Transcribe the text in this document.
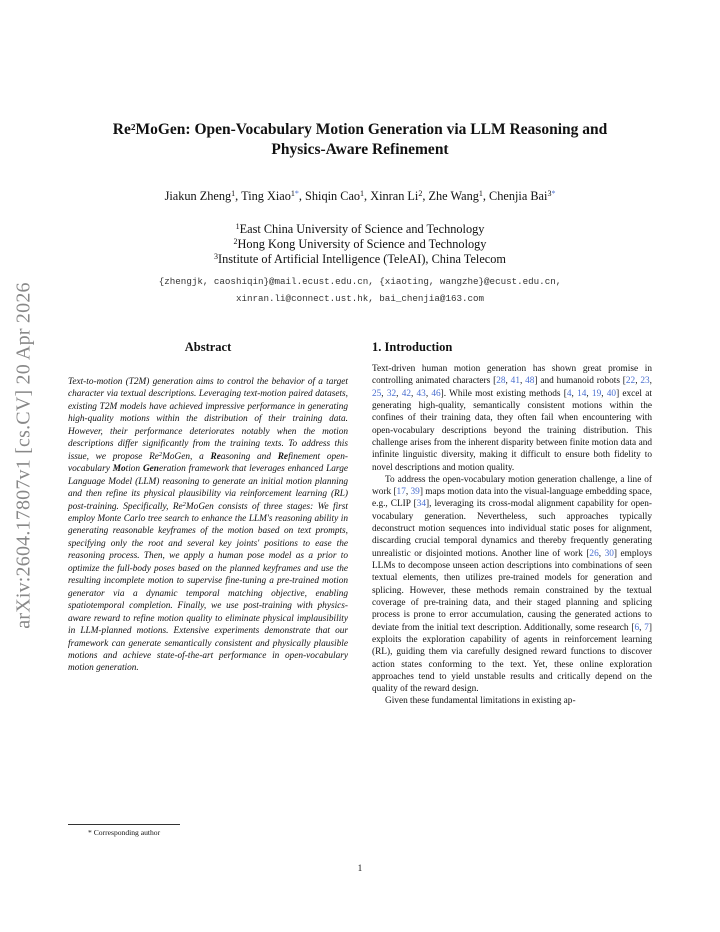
arXiv:2604.17807v1 [cs.CV] 20 Apr 2026
Re²MoGen: Open-Vocabulary Motion Generation via LLM Reasoning and
Physics-Aware Refinement
Jiakun Zheng$^1$, Ting Xiao$^{1*}$, Shiqin Cao$^1$, Xinran Li$^2$, Zhe Wang$^1$, Chenjia Bai$^{3*}$
$^1$East China University of Science and Technology
$^2$Hong Kong University of Science and Technology
$^3$Institute of Artificial Intelligence (TeleAI), China Telecom
{zhengjk, caoshiqin}@mail.ecust.edu.cn, {xiaoting, wangzhe}@ecust.edu.cn,
xinran.li@connect.ust.hk, bai_chenjia@163.com
Abstract
Text-to-motion (T2M) generation aims to control the behavior of a target character via textual descriptions. Leveraging text-motion paired datasets, existing T2M models have achieved impressive performance in generating high-quality motions within the distribution of their training data. However, their performance deteriorates notably when the motion descriptions differ significantly from the training texts. To address this issue, we propose Re$^2$MoGen, a Reasoning and Refinement open-vocabulary Motion Generation framework that leverages enhanced Large Language Model (LLM) reasoning to generate an initial motion planning and then refine its physical plausibility via reinforcement learning (RL) post-training. Specifically, Re$^2$MoGen consists of three stages: We first employ Monte Carlo tree search to enhance the LLM's reasoning ability in generating reasonable keyframes of the motion based on text prompts, specifying only the root and several key joints' positions to ease the reasoning process. Then, we apply a human pose model as a prior to optimize the full-body poses based on the planned keyframes and use the resulting incomplete motion to supervise fine-tuning a pre-trained motion generator via a dynamic temporal matching objective, enabling spatiotemporal completion. Finally, we use post-training with physics-aware reward to refine motion quality to eliminate physical implausibility in LLM-planned motions. Extensive experiments demonstrate that our framework can generate semantically consistent and physically plausible motions and achieve state-of-the-art performance in open-vocabulary motion generation.
* Corresponding author
1. Introduction

Text-driven human motion generation has shown great promise in controlling animated characters [28, 41, 48] and humanoid robots [22, 23, 25, 32, 42, 43, 46]. While most existing methods [4, 14, 19, 40] excel at generating high-quality, semantically consistent motions within the confines of their training data, they often fail when encountering with open-vocabulary descriptions beyond the training distribution. This challenge arises from the inherent disparity between finite motion data and infinite linguistic diversity, making it difficult to ensure both fidelity to novel descriptions and motion quality.

To address the open-vocabulary motion generation challenge, a line of work [17, 39] maps motion data into the visual-language embedding space, e.g., CLIP [34], leveraging its cross-modal alignment capability for open-vocabulary generation. Nevertheless, such approaches typically deconstruct motion sequences into individual static poses for alignment, discarding crucial temporal dynamics and thereby frequently generating unrealistic or disjointed motions. Another line of work [26, 30] employs LLMs to decompose unseen action descriptions into combinations of seen textual elements, then utilizes pre-trained models for generation and splicing. However, these methods remain constrained by the textual coverage of pre-training data, and their staged planning and splicing process is prone to error accumulation, causing the generated actions to deviate from the initial text description. Additionally, some research [6, 7] exploits the exploration capability of agents in reinforcement learning (RL), guiding them via carefully designed reward functions to discover action states conforming to the text. Yet, these online exploration approaches tend to yield unstable results and critically depend on the quality of the reward design.

Given these fundamental limitations in existing ap-

1
